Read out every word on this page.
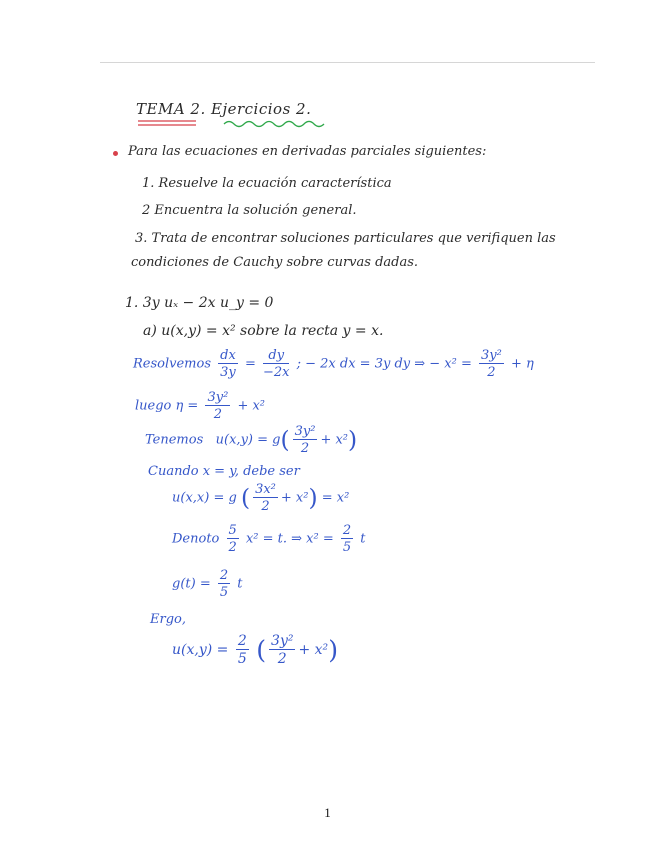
TEMA 2. Ejercicios 2.
Para las ecuaciones en derivadas parciales siguientes:
1. Resuelve la ecuación característica
2 Encuentra la solución general.
3. Trata de encontrar soluciones particulares que verifiquen las
condiciones de Cauchy sobre curvas dadas.
1. 3y uₓ − 2x u_y = 0
a) u(x,y) = x² sobre la recta y = x.
Resolvemos $\frac{dx}{3y} = \frac{dy}{-2x}$ ; − 2x dx = 3y dy ⇒ − $x^2 = \frac{\text{3y²}}{2} + \eta$
luego $\eta = \frac{\text{3y²}}{2} + x^2$
Tenemos $u(x,y) = g( \frac{\text{3y²}}{2} + x^2)$
Cuando x = y, debe ser
u(x,x) = g ( $\frac{\text{3x²}}{2} + x^2) = x^2$
Denoto $\frac{5}{2} x^2 = t$. ⇒ $x^2 = \frac{2}{5}$ t
$g(t) = \frac{2}{5}$ t
Ergo,
$u(x,y) = \frac{2}{5}$ ( $\frac{\text{3y²}}{2} + x^2$)
1
